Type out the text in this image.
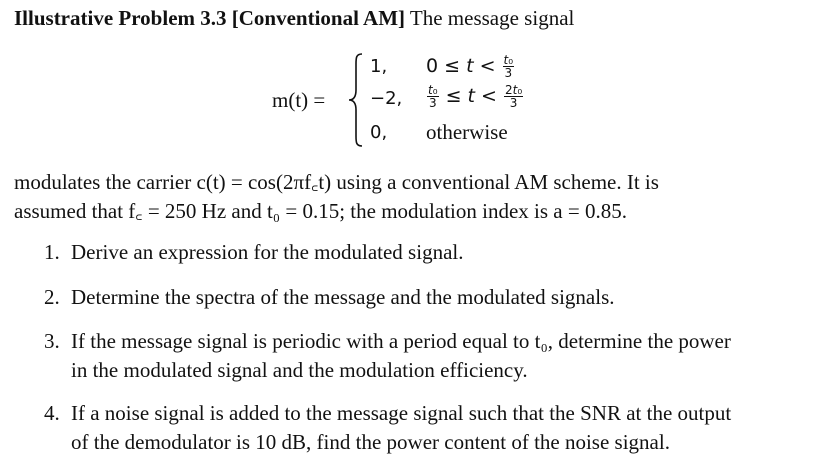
Illustrative Problem 3.3 [Conventional AM] The message signal
m(t) =
1, $0 \le t < \frac{\text{t₀}}{3}$
−2, $\frac{\text{t₀}}{3} \le t < \frac{\text{2t₀}}{3}$
0, otherwise
modulates the carrier c(t) = cos(2πf꜀t) using a conventional AM scheme. It is
assumed that f꜀ = 250 Hz and t₀ = 0.15; the modulation index is a = 0.85.
1. Derive an expression for the modulated signal.
2. Determine the spectra of the message and the modulated signals.
3. If the message signal is periodic with a period equal to t₀, determine the power
in the modulated signal and the modulation efficiency.
4. If a noise signal is added to the message signal such that the SNR at the output
of the demodulator is 10 dB, find the power content of the noise signal.
